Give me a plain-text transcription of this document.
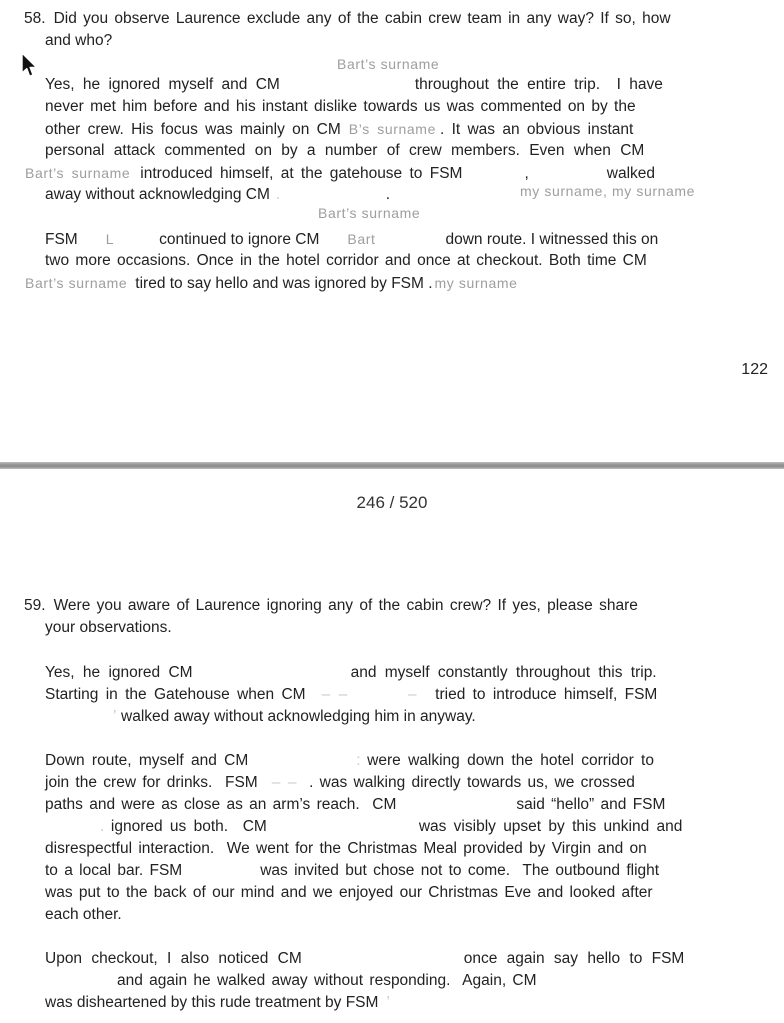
58. Did you observe Laurence exclude any of the cabin crew team in any way? If so, how
and who?
Bart’s surname
Yes, he ignored myself and CM	throughout the entire trip.  I have
never met him before and his instant dislike towards us was commented on by the
other crew. His focus was mainly on CM B’s surname . It was an obvious instant
personal attack commented on by a number of crew members. Even when CM
Bart’s surname introduced himself, at the gatehouse to FSM	,	walked
my surname, my surname
away without acknowledging CM .	.
Bart’s surname
FSM L	continued to ignore CM Bart	down route. I witnessed this on
two more occasions. Once in the hotel corridor and once at checkout. Both time CM
Bart’s surname tired to say hello and was ignored by FSM . my surname
122
246 / 520
59. Were you aware of Laurence ignoring any of the cabin crew? If yes, please share
your observations.
Yes, he ignored CM	and myself constantly throughout this trip.
Starting in the Gatehouse when CM – –	– tried to introduce himself, FSM
’ walked away without acknowledging him in anyway.
Down route, myself and CM	: were walking down the hotel corridor to
join the crew for drinks.  FSM – – . was walking directly towards us, we crossed
paths and were as close as an arm’s reach.  CM	said “hello” and FSM
. ignored us both.  CM	was visibly upset by this unkind and
disrespectful interaction.  We went for the Christmas Meal provided by Virgin and on
to a local bar. FSM	was invited but chose not to come.  The outbound flight
was put to the back of our mind and we enjoyed our Christmas Eve and looked after
each other.
Upon checkout, I also noticed CM	once again say hello to FSM
and again he walked away without responding.  Again, CM
was disheartened by this rude treatment by FSM ’
